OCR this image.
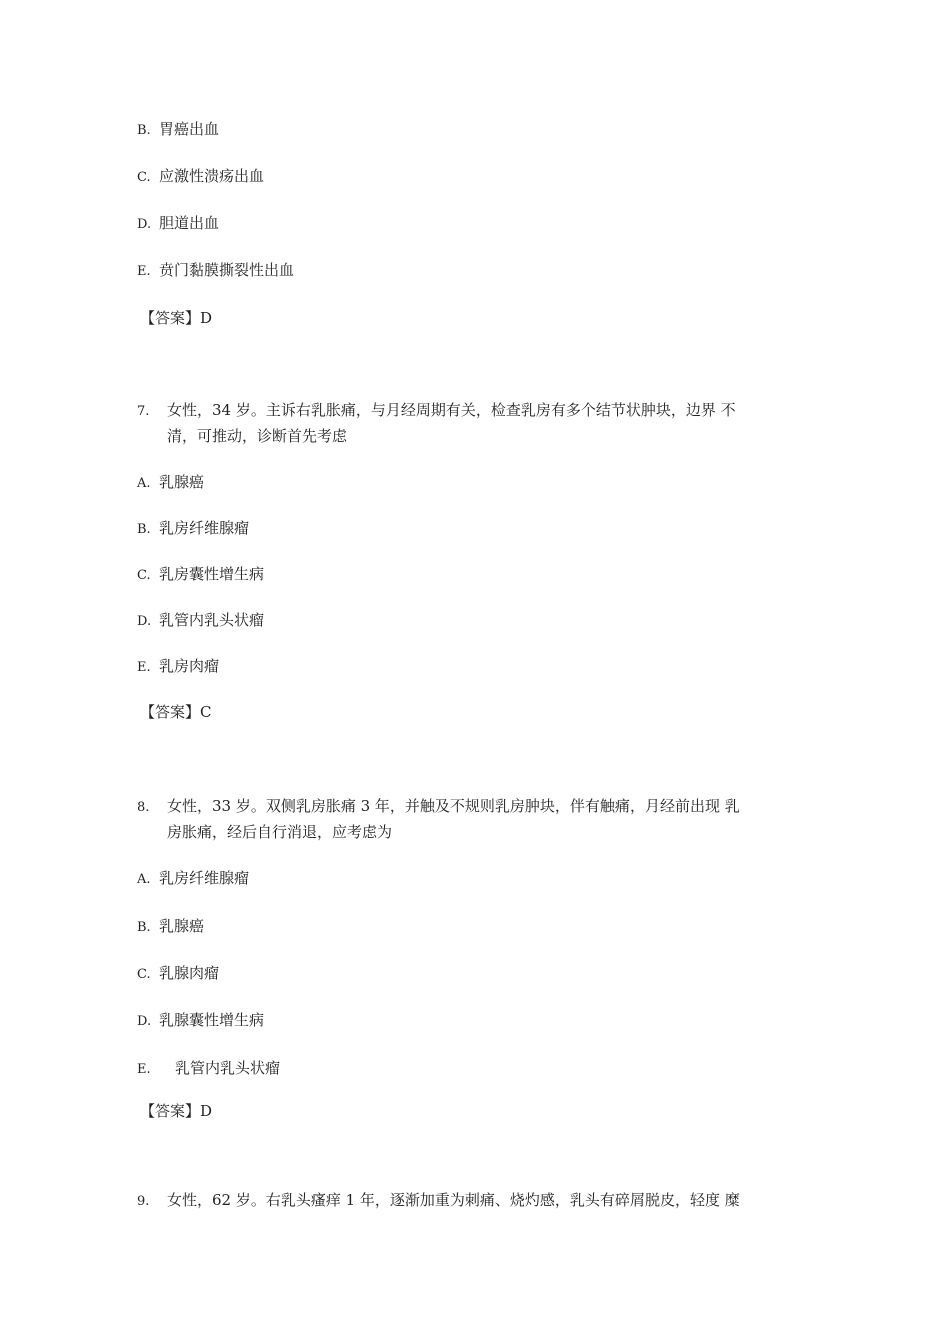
B. 胃癌出血
C. 应激性溃疡出血
D. 胆道出血
E. 贲门黏膜撕裂性出血
【答案】D
7. 女性，34 岁。主诉右乳胀痛，与月经周期有关，检查乳房有多个结节状肿块，边界 不
清，可推动，诊断首先考虑
A. 乳腺癌
B. 乳房纤维腺瘤
C. 乳房囊性增生病
D. 乳管内乳头状瘤
E. 乳房肉瘤
【答案】C
8. 女性，33 岁。双侧乳房胀痛 3 年，并触及不规则乳房肿块，伴有触痛，月经前出现 乳
房胀痛，经后自行消退，应考虑为
A. 乳房纤维腺瘤
B. 乳腺癌
C. 乳腺肉瘤
D. 乳腺囊性增生病
E. 乳管内乳头状瘤
【答案】D
9. 女性，62 岁。右乳头瘙痒 1 年，逐渐加重为刺痛、烧灼感，乳头有碎屑脱皮，轻度 糜
